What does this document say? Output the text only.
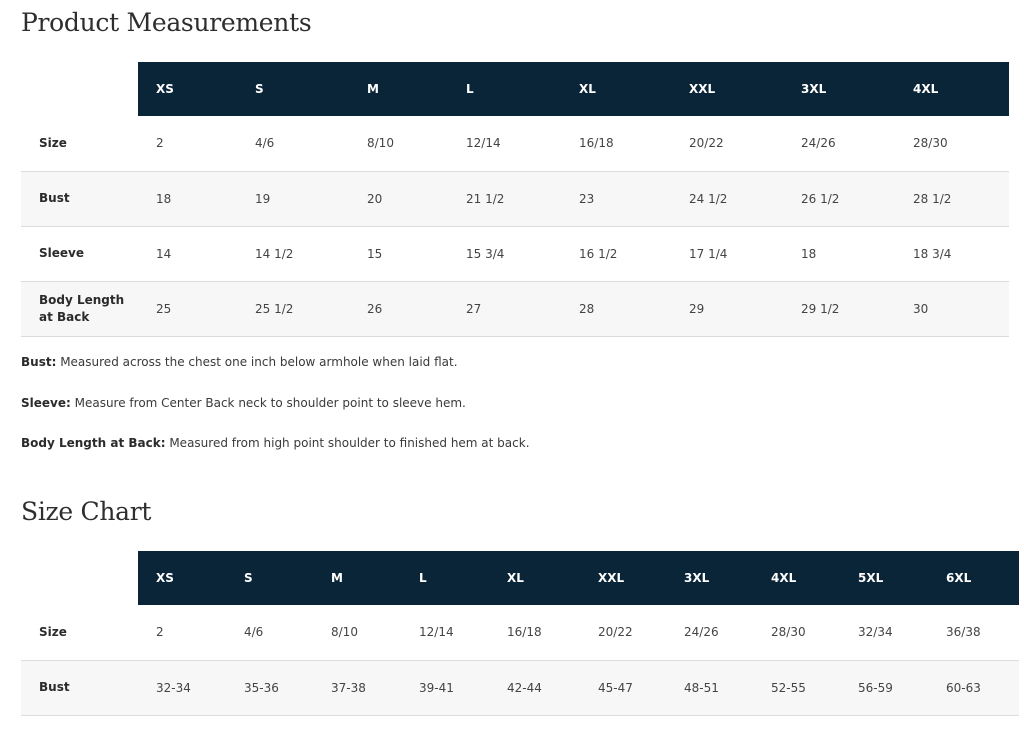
Product Measurements
	XS	S	M	L	XL	XXL	3XL	4XL
Size	2	4/6	8/10	12/14	16/18	20/22	24/26	28/30
Bust	18	19	20	21 1/2	23	24 1/2	26 1/2	28 1/2
Sleeve	14	14 1/2	15	15 3/4	16 1/2	17 1/4	18	18 3/4
Body Length at Back	25	25 1/2	26	27	28	29	29 1/2	30

Bust: Measured across the chest one inch below armhole when laid flat.

Sleeve: Measure from Center Back neck to shoulder point to sleeve hem.

Body Length at Back: Measured from high point shoulder to finished hem at back.

Size Chart
	XS	S	M	L	XL	XXL	3XL	4XL	5XL	6XL
Size	2	4/6	8/10	12/14	16/18	20/22	24/26	28/30	32/34	36/38
Bust	32-34	35-36	37-38	39-41	42-44	45-47	48-51	52-55	56-59	60-63
